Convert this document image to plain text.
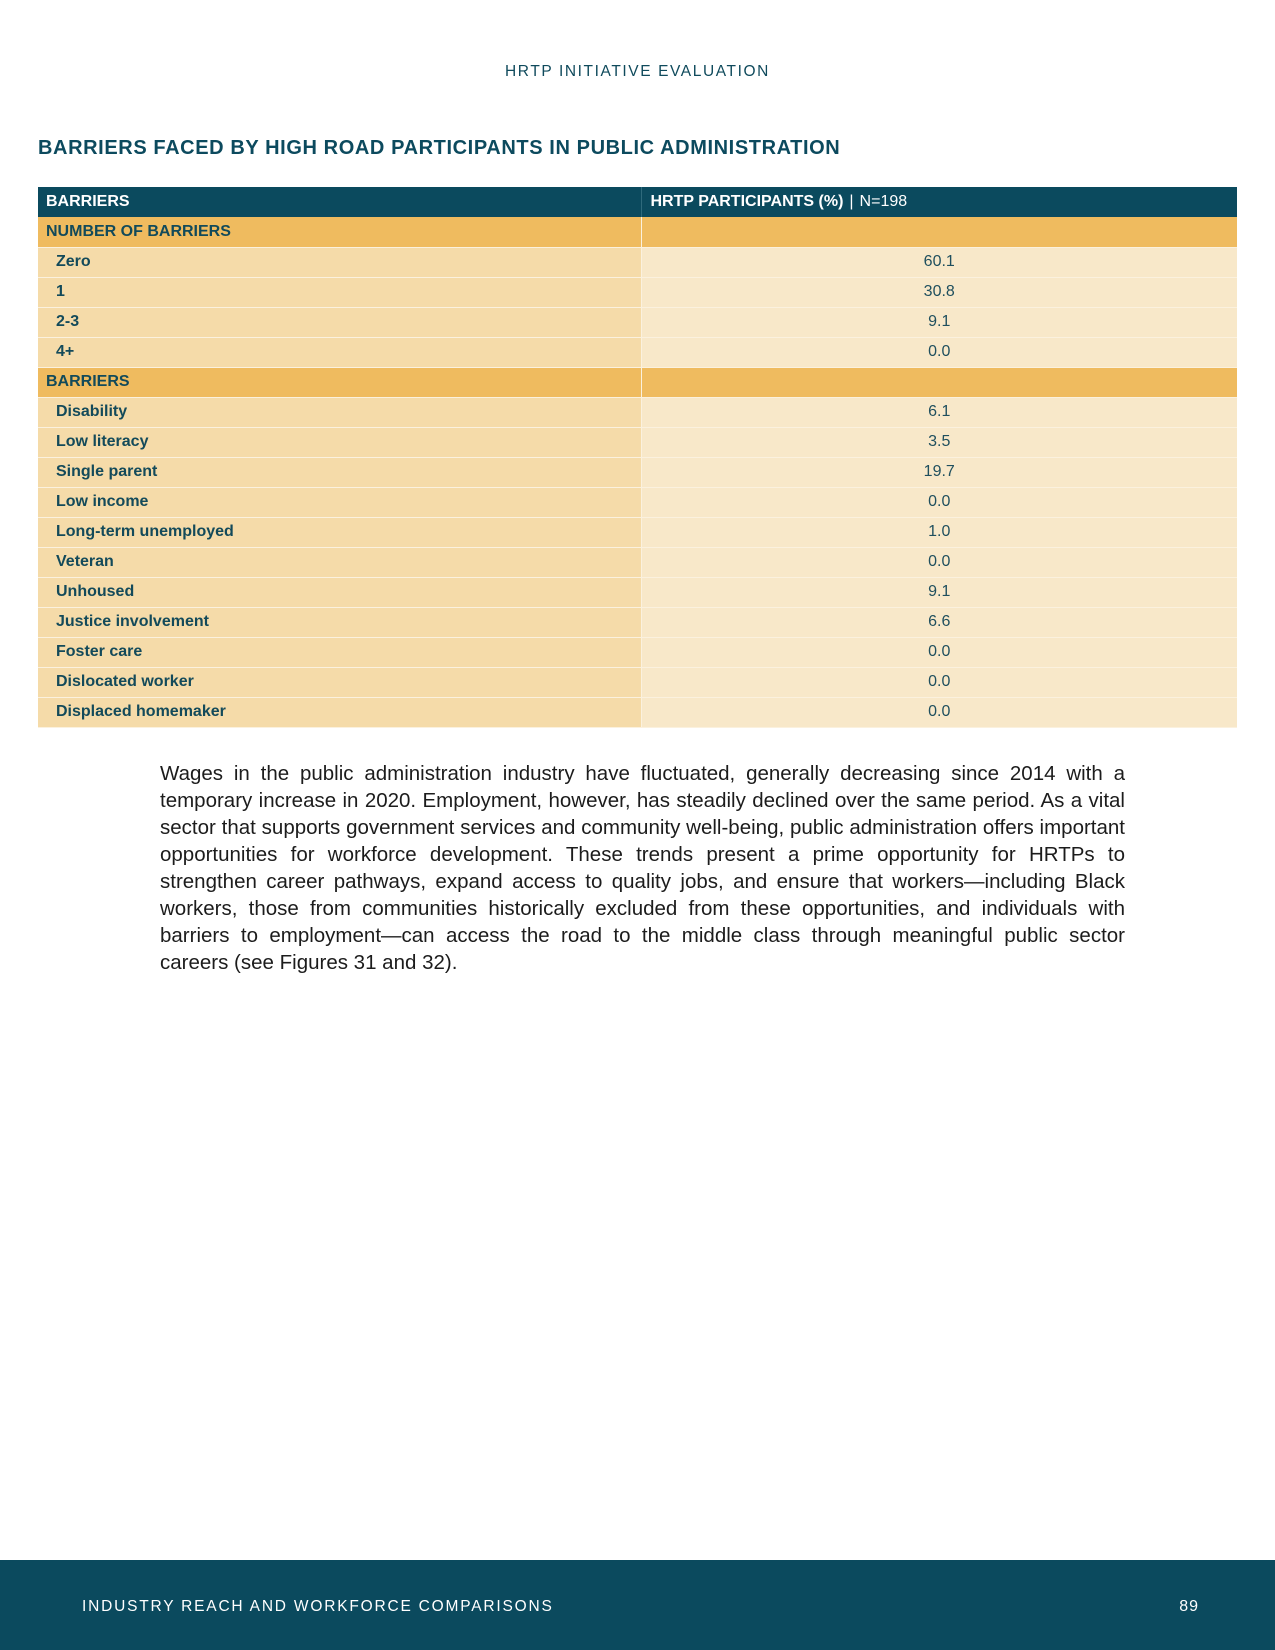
HRTP INITIATIVE EVALUATION
BARRIERS FACED BY HIGH ROAD PARTICIPANTS IN PUBLIC ADMINISTRATION
BARRIERS	HRTP PARTICIPANTS (%) | N=198
NUMBER OF BARRIERS	
Zero	60.1
1	30.8
2-3	9.1
4+	0.0
BARRIERS	
Disability	6.1
Low literacy	3.5
Single parent	19.7
Low income	0.0
Long-term unemployed	1.0
Veteran	0.0
Unhoused	9.1
Justice involvement	6.6
Foster care	0.0
Dislocated worker	0.0
Displaced homemaker	0.0

Wages in the public administration industry have fluctuated, generally decreasing since 2014 with a temporary increase in 2020. Employment, however, has steadily declined over the same period. As a vital sector that supports government services and community well-being, public administration offers important opportunities for workforce development. These trends present a prime opportunity for HRTPs to strengthen career pathways, expand access to quality jobs, and ensure that workers—including Black workers, those from communities historically excluded from these opportunities, and individuals with barriers to employment—can access the road to the middle class through meaningful public sector careers (see Figures 31 and 32).

INDUSTRY REACH AND WORKFORCE COMPARISONS	89
